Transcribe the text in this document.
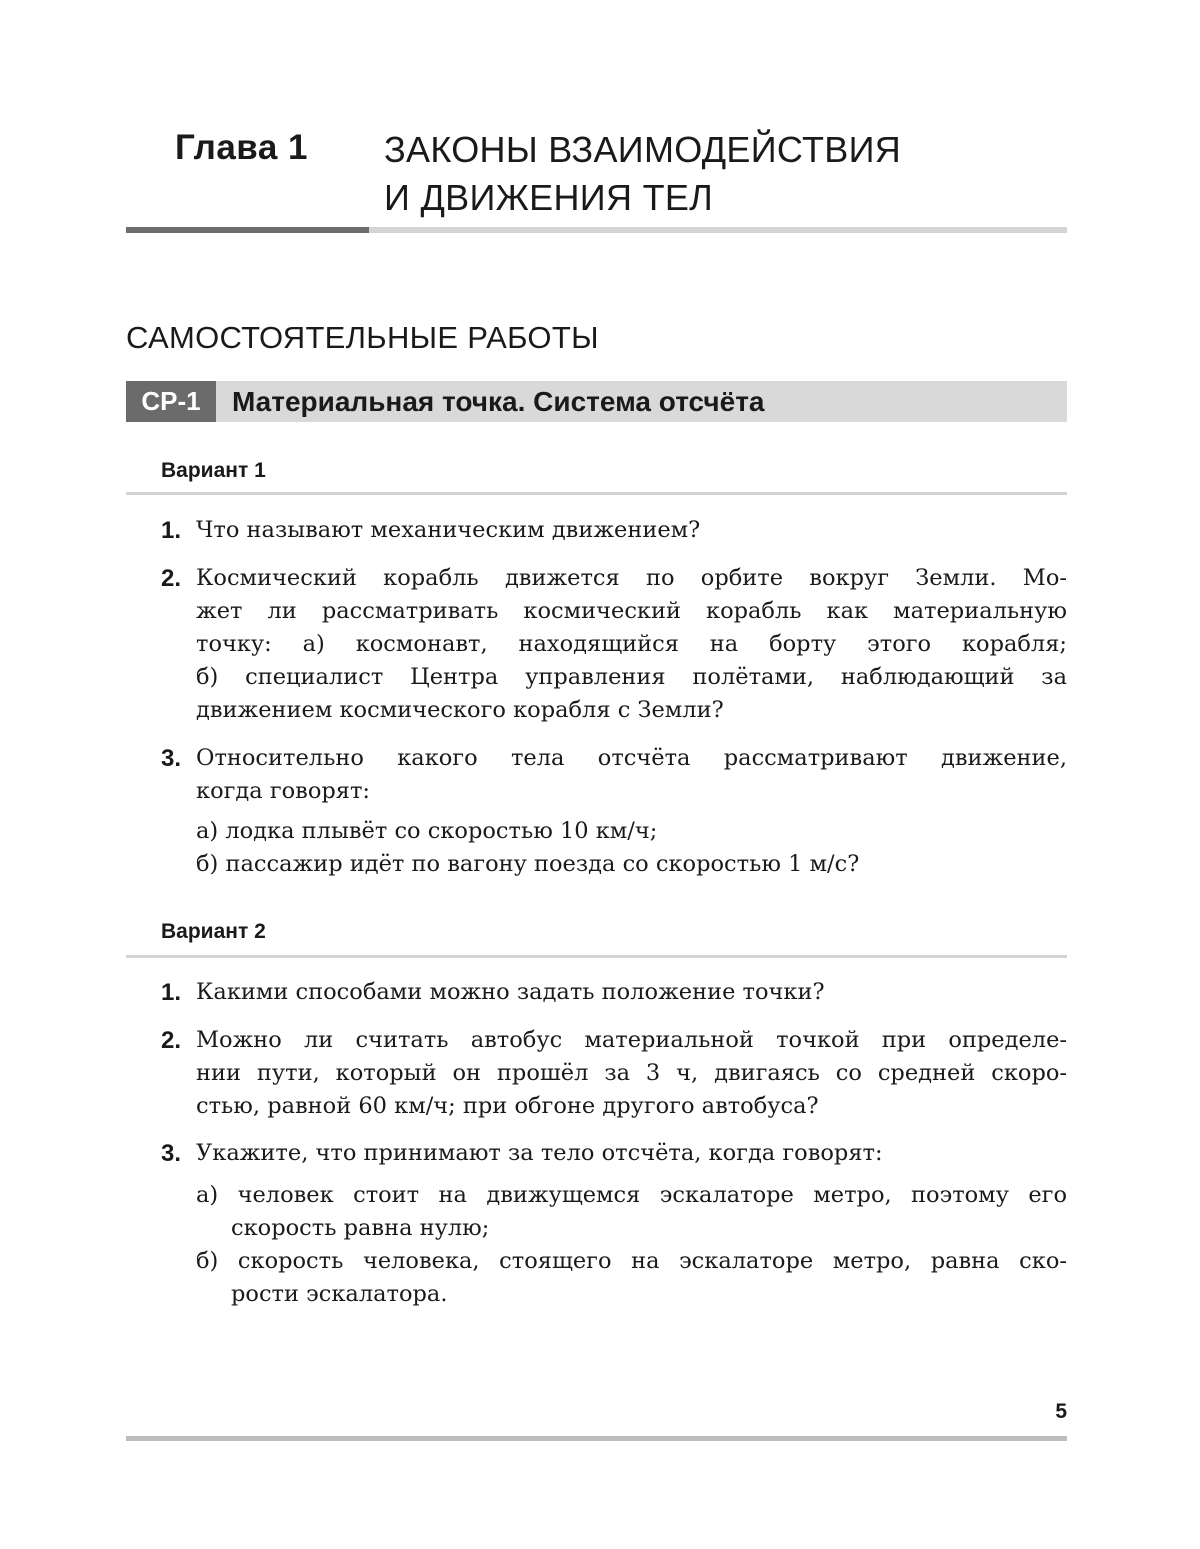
Глава 1 ЗАКОНЫ ВЗАИМОДЕЙСТВИЯ
И ДВИЖЕНИЯ ТЕЛ
САМОСТОЯТЕЛЬНЫЕ РАБОТЫ
СР-1	Материальная точка. Система отсчёта
Вариант 1
1. Что называют механическим движением?
2. Космический корабль движется по орбите вокруг Земли. Мо-
жет ли рассматривать космический корабль как материальную
точку: а) космонавт, находящийся на борту этого корабля;
б) специалист Центра управления полётами, наблюдающий за
движением космического корабля с Земли?
3. Относительно какого тела отсчёта рассматривают движение,
когда говорят:
а) лодка плывёт со скоростью 10 км/ч;
б) пассажир идёт по вагону поезда со скоростью 1 м/с?
Вариант 2
1. Какими способами можно задать положение точки?
2. Можно ли считать автобус материальной точкой при определе-
нии пути, который он прошёл за 3 ч, двигаясь со средней скоро-
стью, равной 60 км/ч; при обгоне другого автобуса?
3. Укажите, что принимают за тело отсчёта, когда говорят:
а) человек стоит на движущемся эскалаторе метро, поэтому его
скорость равна нулю;
б) скорость человека, стоящего на эскалаторе метро, равна ско-
рости эскалатора.
5
